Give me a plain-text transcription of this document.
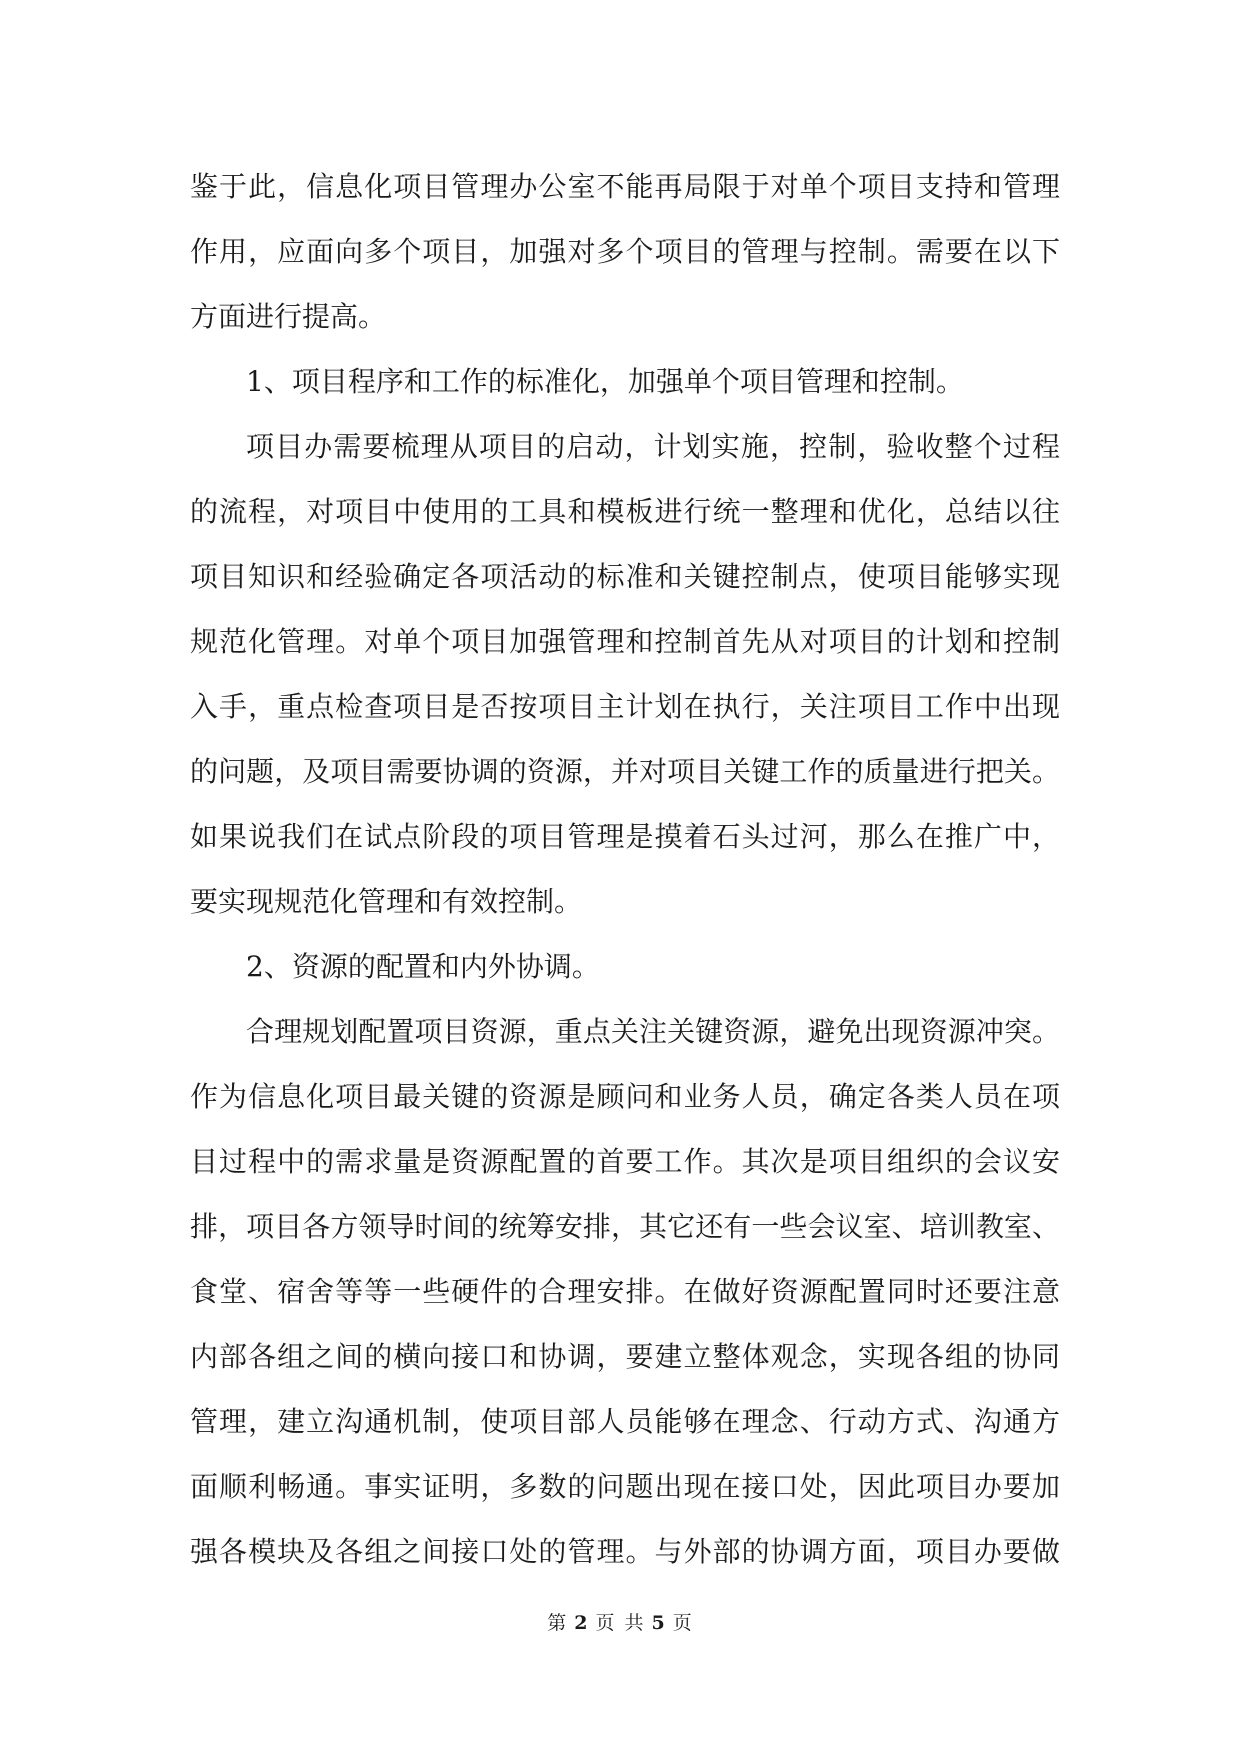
鉴于此，信息化项目管理办公室不能再局限于对单个项目支持和管理
作用，应面向多个项目，加强对多个项目的管理与控制。需要在以下
方面进行提高。
1、项目程序和工作的标准化，加强单个项目管理和控制。
项目办需要梳理从项目的启动，计划实施，控制，验收整个过程
的流程，对项目中使用的工具和模板进行统一整理和优化，总结以往
项目知识和经验确定各项活动的标准和关键控制点，使项目能够实现
规范化管理。对单个项目加强管理和控制首先从对项目的计划和控制
入手，重点检查项目是否按项目主计划在执行，关注项目工作中出现
的问题，及项目需要协调的资源，并对项目关键工作的质量进行把关。
如果说我们在试点阶段的项目管理是摸着石头过河，那么在推广中，
要实现规范化管理和有效控制。
2、资源的配置和内外协调。
合理规划配置项目资源，重点关注关键资源，避免出现资源冲突。
作为信息化项目最关键的资源是顾问和业务人员，确定各类人员在项
目过程中的需求量是资源配置的首要工作。其次是项目组织的会议安
排，项目各方领导时间的统筹安排，其它还有一些会议室、培训教室、
食堂、宿舍等等一些硬件的合理安排。在做好资源配置同时还要注意
内部各组之间的横向接口和协调，要建立整体观念，实现各组的协同
管理，建立沟通机制，使项目部人员能够在理念、行动方式、沟通方
面顺利畅通。事实证明，多数的问题出现在接口处，因此项目办要加
强各模块及各组之间接口处的管理。与外部的协调方面，项目办要做
第 2 页 共 5 页
